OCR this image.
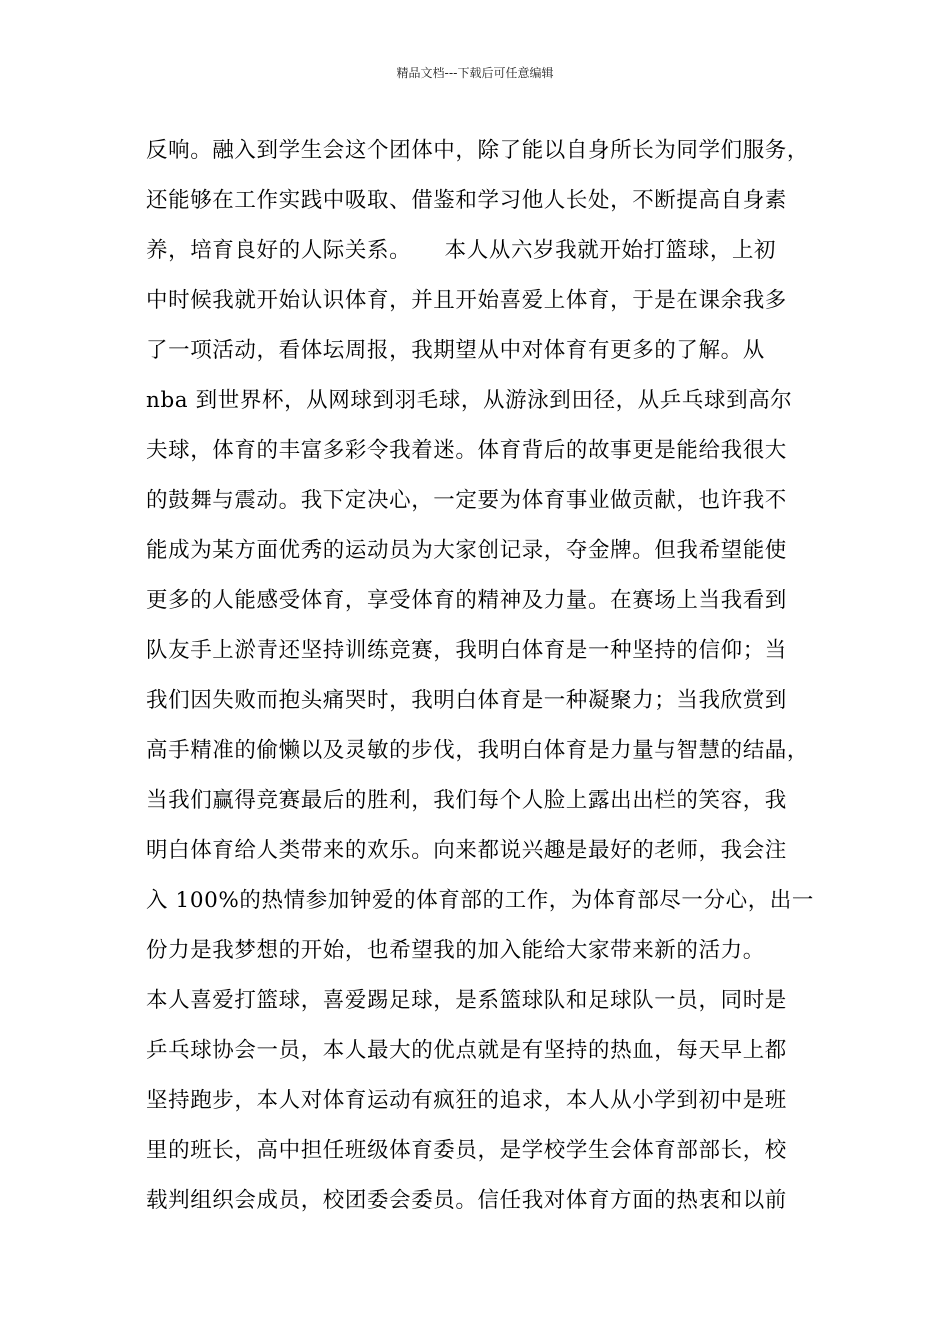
精品文档---下载后可任意编辑
反响。融入到学生会这个团体中，除了能以自身所长为同学们服务，
还能够在工作实践中吸取、借鉴和学习他人长处，不断提高自身素
养，培育良好的人际关系。　　本人从六岁我就开始打篮球，上初
中时候我就开始认识体育，并且开始喜爱上体育，于是在课余我多
了一项活动，看体坛周报，我期望从中对体育有更多的了解。从
nba 到世界杯，从网球到羽毛球，从游泳到田径，从乒乓球到高尔
夫球，体育的丰富多彩令我着迷。体育背后的故事更是能给我很大
的鼓舞与震动。我下定决心，一定要为体育事业做贡献，也许我不
能成为某方面优秀的运动员为大家创记录，夺金牌。但我希望能使
更多的人能感受体育，享受体育的精神及力量。在赛场上当我看到
队友手上淤青还坚持训练竞赛，我明白体育是一种坚持的信仰；当
我们因失败而抱头痛哭时，我明白体育是一种凝聚力；当我欣赏到
高手精准的偷懒以及灵敏的步伐，我明白体育是力量与智慧的结晶，
当我们赢得竞赛最后的胜利，我们每个人脸上露出出栏的笑容，我
明白体育给人类带来的欢乐。向来都说兴趣是最好的老师，我会注
入 100%的热情参加钟爱的体育部的工作，为体育部尽一分心，出一
份力是我梦想的开始，也希望我的加入能给大家带来新的活力。
本人喜爱打篮球，喜爱踢足球，是系篮球队和足球队一员，同时是
乒乓球协会一员，本人最大的优点就是有坚持的热血，每天早上都
坚持跑步，本人对体育运动有疯狂的追求，本人从小学到初中是班
里的班长，高中担任班级体育委员，是学校学生会体育部部长，校
载判组织会成员，校团委会委员。信任我对体育方面的热衷和以前
